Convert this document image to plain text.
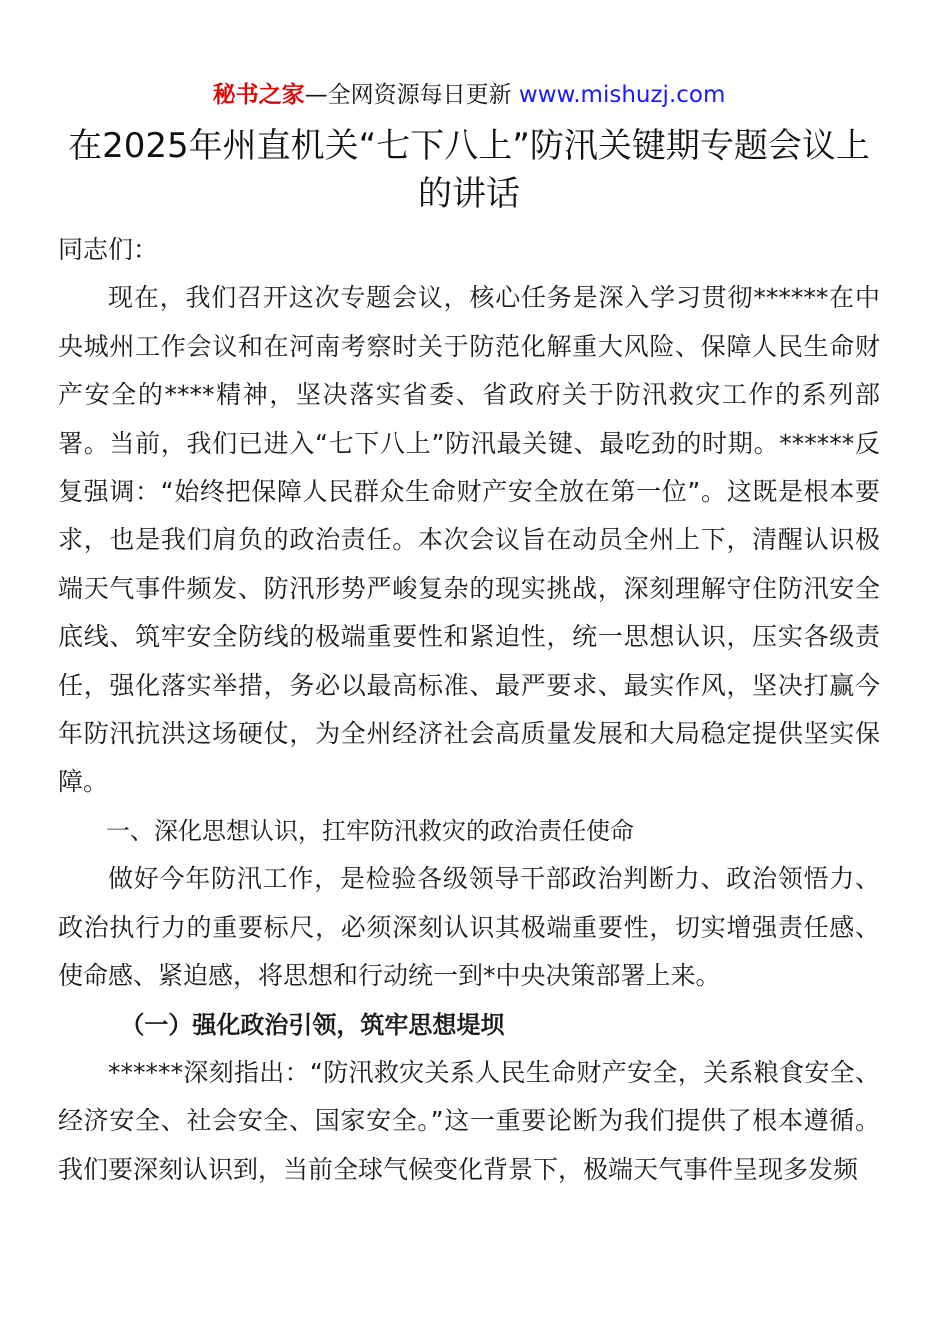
秘书之家—全网资源每日更新 www.mishuzj.com
在2025年州直机关“七下八上”防汛关键期专题会议上的讲话

同志们：

现在，我们召开这次专题会议，核心任务是深入学习贯彻******在中央城州工作会议和在河南考察时关于防范化解重大风险、保障人民生命财产安全的****精神，坚决落实省委、省政府关于防汛救灾工作的系列部署。当前，我们已进入“七下八上”防汛最关键、最吃劲的时期。******反复强调：“始终把保障人民群众生命财产安全放在第一位”。这既是根本要求，也是我们肩负的政治责任。本次会议旨在动员全州上下，清醒认识极端天气事件频发、防汛形势严峻复杂的现实挑战，深刻理解守住防汛安全底线、筑牢安全防线的极端重要性和紧迫性，统一思想认识，压实各级责任，强化落实举措，务必以最高标准、最严要求、最实作风，坚决打赢今年防汛抗洪这场硬仗，为全州经济社会高质量发展和大局稳定提供坚实保障。

一、深化思想认识，扛牢防汛救灾的政治责任使命

做好今年防汛工作，是检验各级领导干部政治判断力、政治领悟力、政治执行力的重要标尺，必须深刻认识其极端重要性，切实增强责任感、使命感、紧迫感，将思想和行动统一到*中央决策部署上来。

（一）强化政治引领，筑牢思想堤坝

******深刻指出：“防汛救灾关系人民生命财产安全，关系粮食安全、经济安全、社会安全、国家安全。”这一重要论断为我们提供了根本遵循。我们要深刻认识到，当前全球气候变化背景下，极端天气事件呈现多发频
